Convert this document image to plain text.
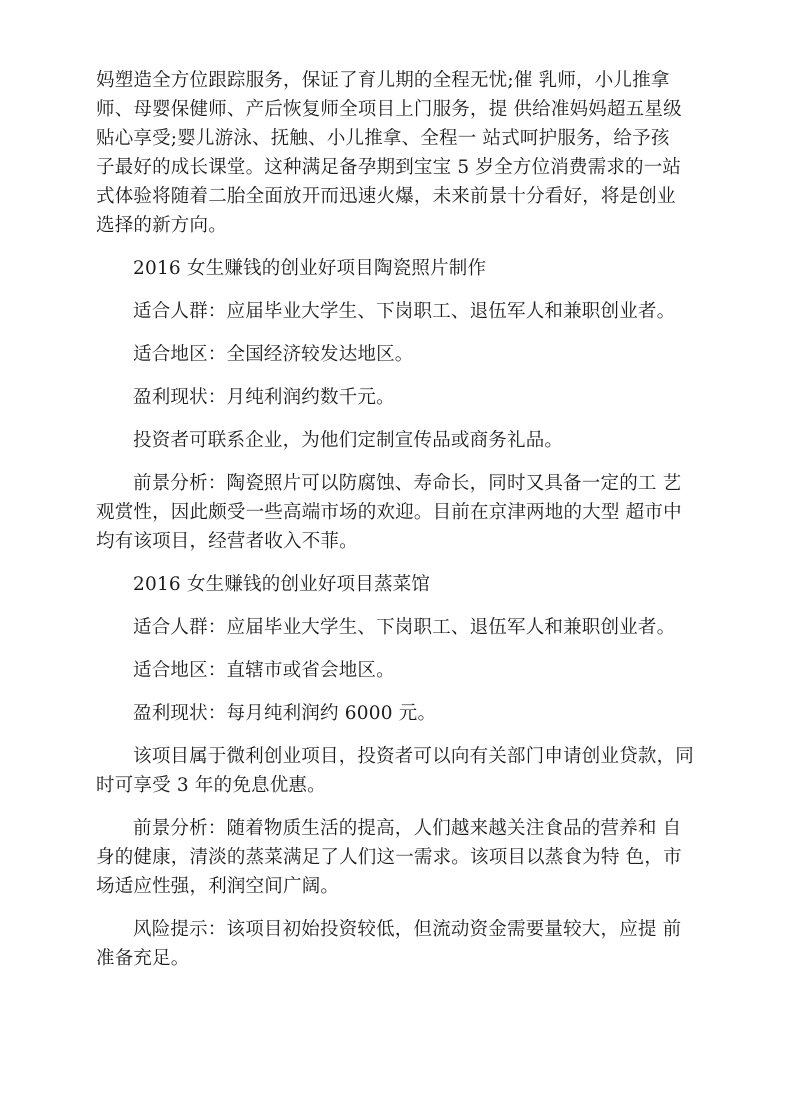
妈塑造全方位跟踪服务，保证了育儿期的全程无忧;催 乳师，小儿推拿
师、母婴保健师、产后恢复师全项目上门服务，提 供给准妈妈超五星级
贴心享受;婴儿游泳、抚触、小儿推拿、全程一 站式呵护服务，给予孩
子最好的成长课堂。这种满足备孕期到宝宝 5 岁全方位消费需求的一站
式体验将随着二胎全面放开而迅速火爆，未来前景十分看好，将是创业
选择的新方向。

2016 女生赚钱的创业好项目陶瓷照片制作

适合人群：应届毕业大学生、下岗职工、退伍军人和兼职创业者。

适合地区：全国经济较发达地区。

盈利现状：月纯利润约数千元。

投资者可联系企业，为他们定制宣传品或商务礼品。

前景分析：陶瓷照片可以防腐蚀、寿命长，同时又具备一定的工 艺
观赏性，因此颇受一些高端市场的欢迎。目前在京津两地的大型 超市中
均有该项目，经营者收入不菲。

2016 女生赚钱的创业好项目蒸菜馆

适合人群：应届毕业大学生、下岗职工、退伍军人和兼职创业者。

适合地区：直辖市或省会地区。

盈利现状：每月纯利润约 6000 元。

该项目属于微利创业项目，投资者可以向有关部门申请创业贷款，同
时可享受 3 年的免息优惠。

前景分析：随着物质生活的提高，人们越来越关注食品的营养和 自
身的健康，清淡的蒸菜满足了人们这一需求。该项目以蒸食为特 色，市
场适应性强，利润空间广阔。

风险提示：该项目初始投资较低，但流动资金需要量较大，应提 前
准备充足。
